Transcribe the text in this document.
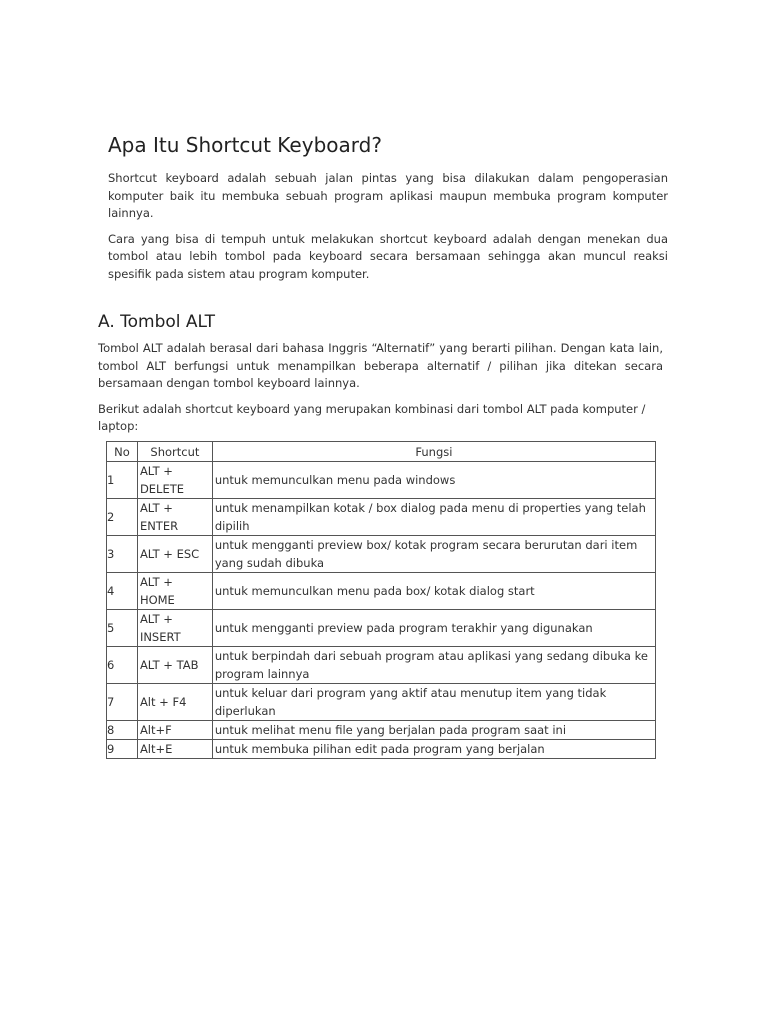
Apa Itu Shortcut Keyboard?

Shortcut keyboard adalah sebuah jalan pintas yang bisa dilakukan dalam pengoperasian komputer baik itu membuka sebuah program aplikasi maupun membuka program komputer lainnya.

Cara yang bisa di tempuh untuk melakukan shortcut keyboard adalah dengan menekan dua tombol atau lebih tombol pada keyboard secara bersamaan sehingga akan muncul reaksi spesifik pada sistem atau program komputer.

A. Tombol ALT

Tombol ALT adalah berasal dari bahasa Inggris “Alternatif” yang berarti pilihan. Dengan kata lain, tombol ALT berfungsi untuk menampilkan beberapa alternatif / pilihan jika ditekan secara bersamaan dengan tombol keyboard lainnya.

Berikut adalah shortcut keyboard yang merupakan kombinasi dari tombol ALT pada komputer / laptop:

No	Shortcut	Fungsi
1	ALT + DELETE	untuk memunculkan menu pada windows
2	ALT + ENTER	untuk menampilkan kotak / box dialog pada menu di properties yang telah dipilih
3	ALT + ESC	untuk mengganti preview box/ kotak program secara berurutan dari item yang sudah dibuka
4	ALT + HOME	untuk memunculkan menu pada box/ kotak dialog start
5	ALT + INSERT	untuk mengganti preview pada program terakhir yang digunakan
6	ALT + TAB	untuk berpindah dari sebuah program atau aplikasi yang sedang dibuka ke program lainnya
7	Alt + F4	untuk keluar dari program yang aktif atau menutup item yang tidak diperlukan
8	Alt+F	untuk melihat menu file yang berjalan pada program saat ini
9	Alt+E	untuk membuka pilihan edit pada program yang berjalan
